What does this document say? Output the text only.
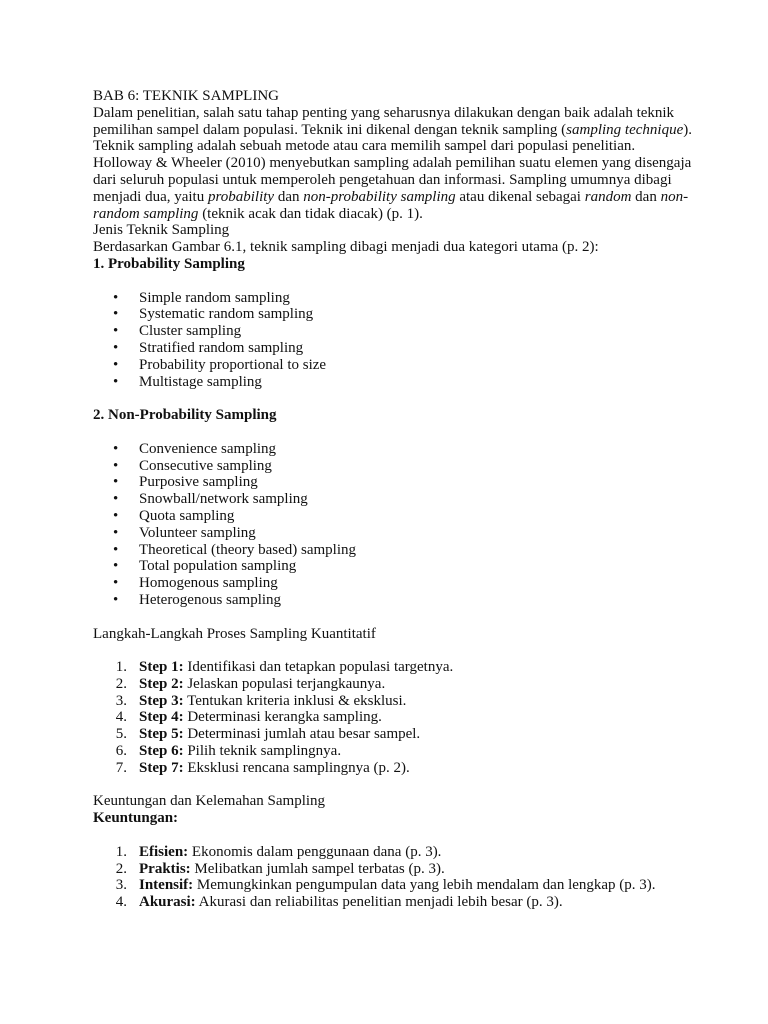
BAB 6: TEKNIK SAMPLING

Dalam penelitian, salah satu tahap penting yang seharusnya dilakukan dengan baik adalah teknik pemilihan sampel dalam populasi. Teknik ini dikenal dengan teknik sampling (sampling technique). Teknik sampling adalah sebuah metode atau cara memilih sampel dari populasi penelitian. Holloway & Wheeler (2010) menyebutkan sampling adalah pemilihan suatu elemen yang disengaja dari seluruh populasi untuk memperoleh pengetahuan dan informasi. Sampling umumnya dibagi menjadi dua, yaitu probability dan non-probability sampling atau dikenal sebagai random dan non-random sampling (teknik acak dan tidak diacak) (p. 1).

Jenis Teknik Sampling

Berdasarkan Gambar 6.1, teknik sampling dibagi menjadi dua kategori utama (p. 2):

1. Probability Sampling

• Simple random sampling
• Systematic random sampling
• Cluster sampling
• Stratified random sampling
• Probability proportional to size
• Multistage sampling

2. Non-Probability Sampling

• Convenience sampling
• Consecutive sampling
• Purposive sampling
• Snowball/network sampling
• Quota sampling
• Volunteer sampling
• Theoretical (theory based) sampling
• Total population sampling
• Homogenous sampling
• Heterogenous sampling

Langkah-Langkah Proses Sampling Kuantitatif

1. Step 1: Identifikasi dan tetapkan populasi targetnya.
2. Step 2: Jelaskan populasi terjangkaunya.
3. Step 3: Tentukan kriteria inklusi & eksklusi.
4. Step 4: Determinasi kerangka sampling.
5. Step 5: Determinasi jumlah atau besar sampel.
6. Step 6: Pilih teknik samplingnya.
7. Step 7: Eksklusi rencana samplingnya (p. 2).

Keuntungan dan Kelemahan Sampling

Keuntungan:

1. Efisien: Ekonomis dalam penggunaan dana (p. 3).
2. Praktis: Melibatkan jumlah sampel terbatas (p. 3).
3. Intensif: Memungkinkan pengumpulan data yang lebih mendalam dan lengkap (p. 3).
4. Akurasi: Akurasi dan reliabilitas penelitian menjadi lebih besar (p. 3).
